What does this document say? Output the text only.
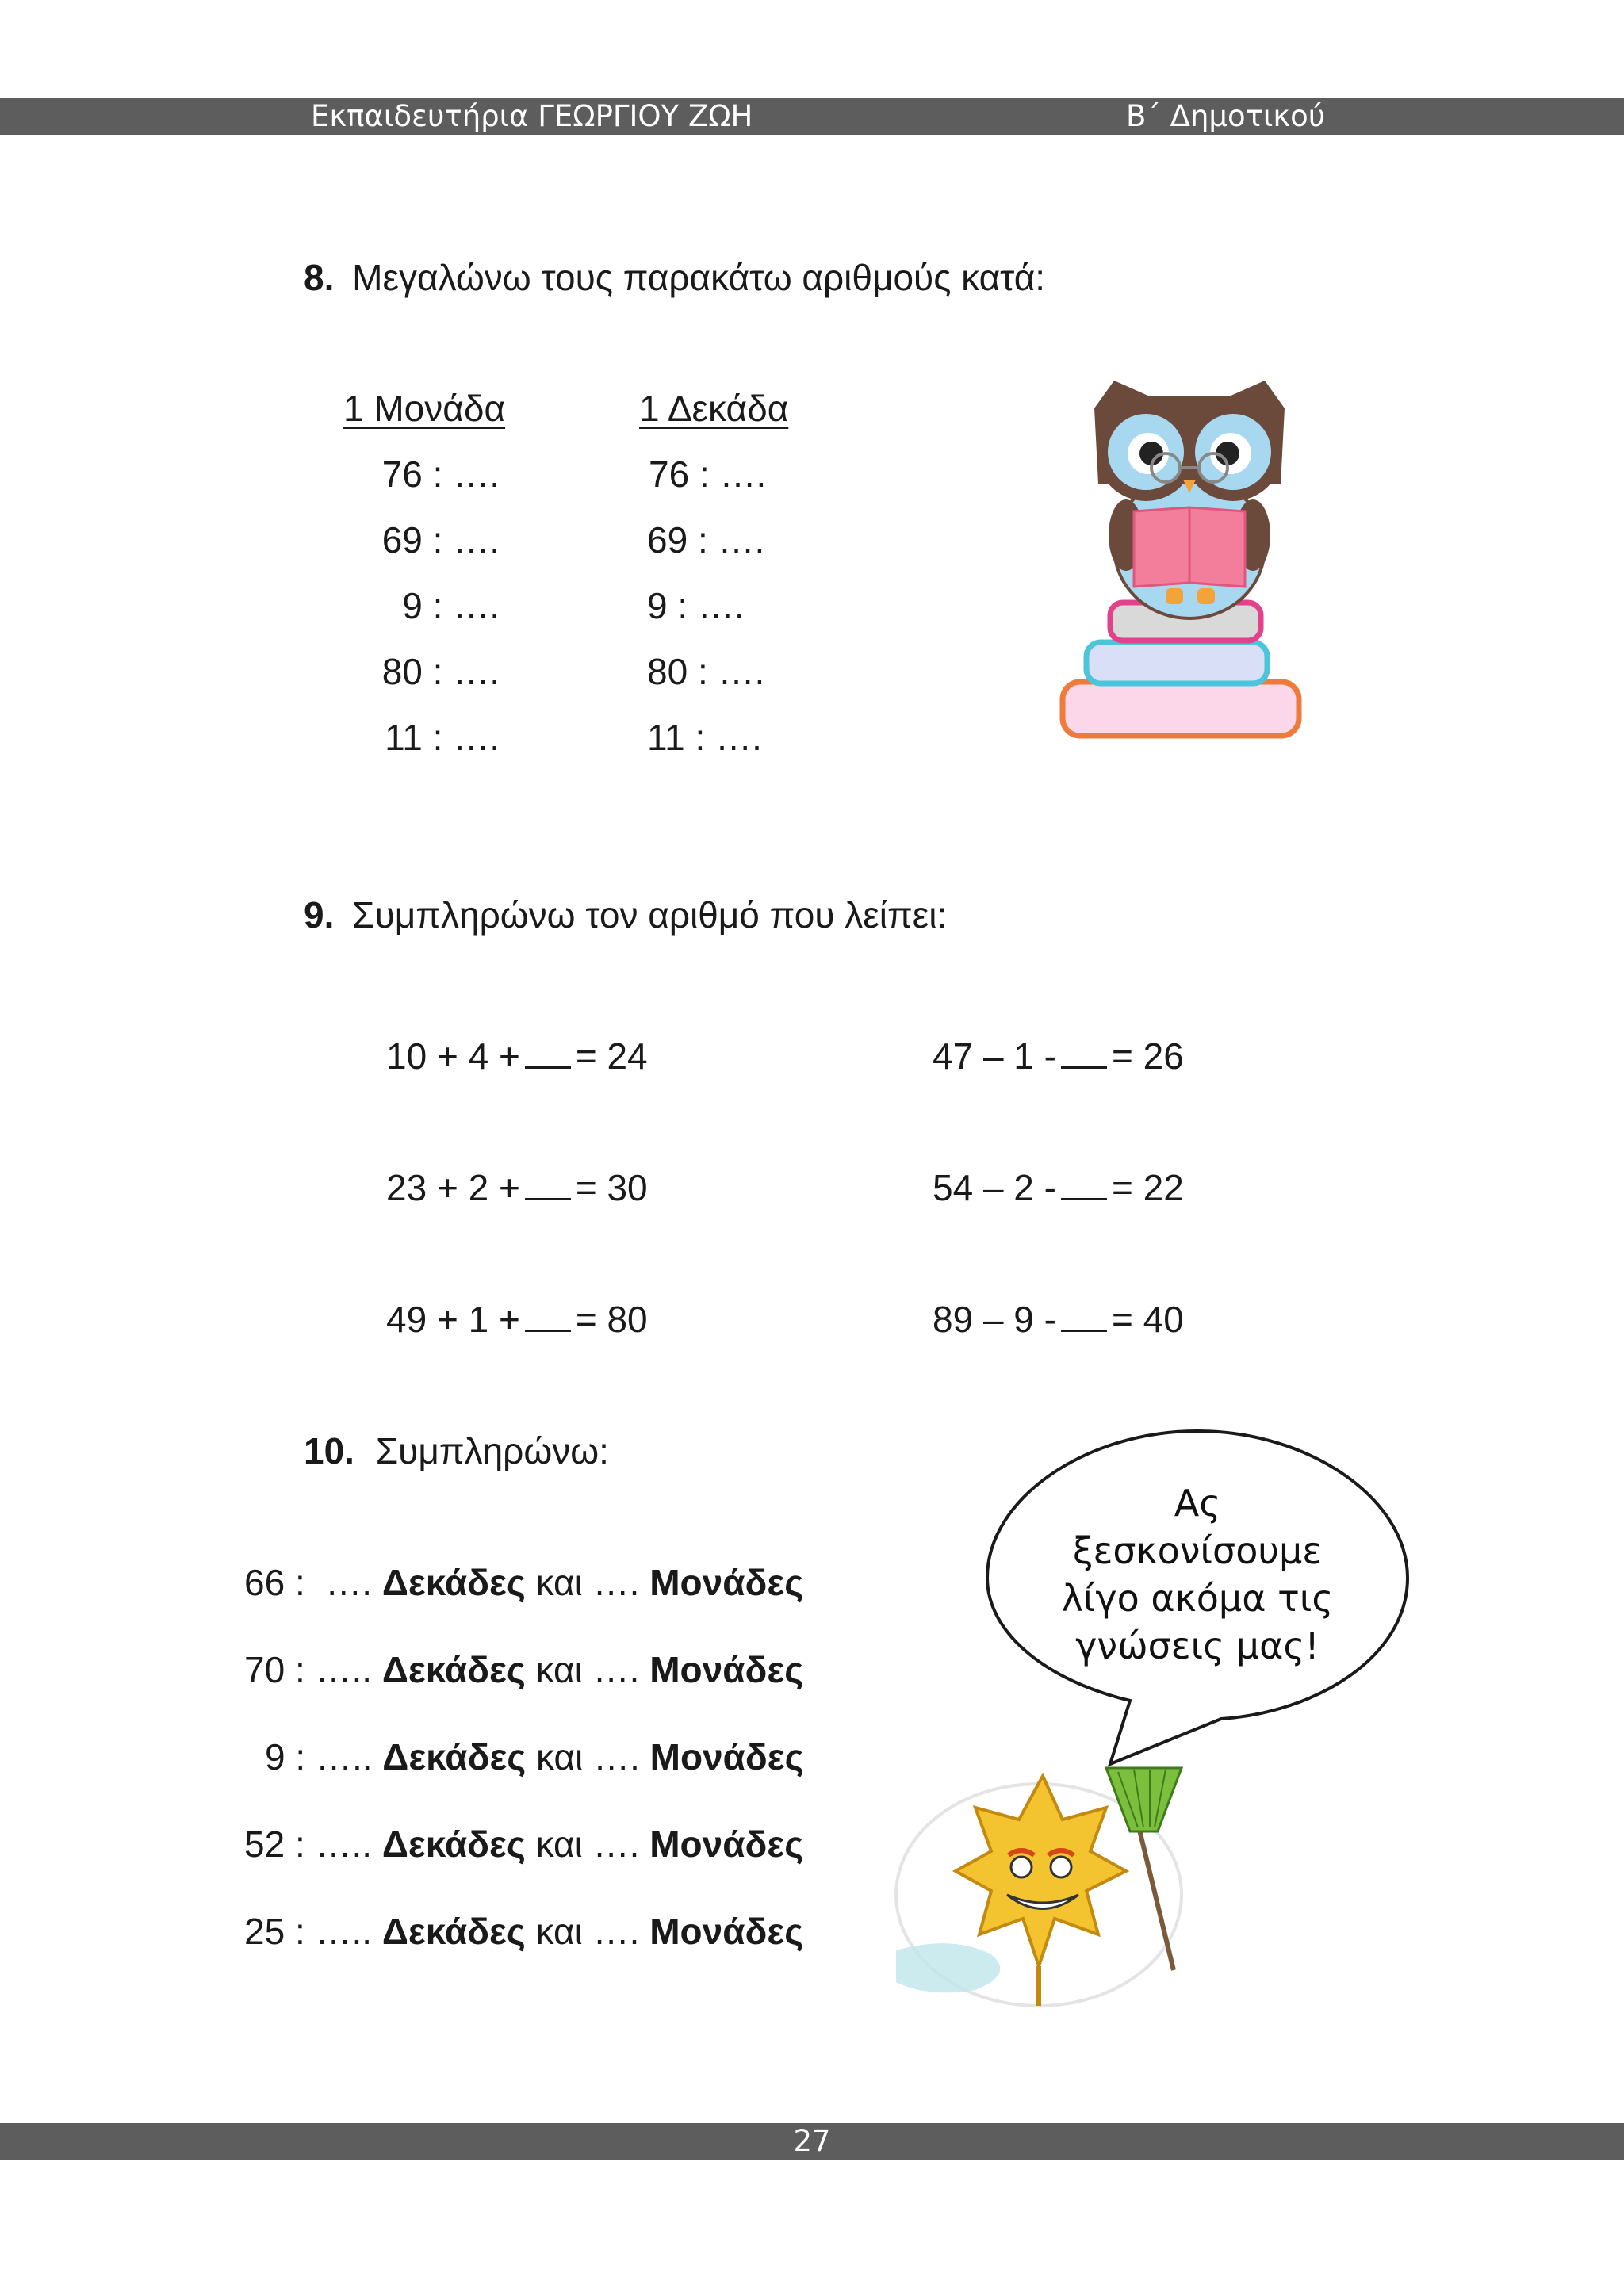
Εκπαιδευτήρια ΓΕΩΡΓΙΟΥ ΖΩΗ	Β΄ Δημοτικού
8. Μεγαλώνω τους παρακάτω αριθμούς κατά:
1 Μονάδα	1 Δεκάδα
76 : ….
69 : ….
9 : ….
80 : ….
11 : ….
76 : ….
69 : ….
9 : ….
80 : ….
11 : ….
9. Συμπληρώνω τον αριθμό που λείπει:
10 + 4 + = 24
23 + 2 + = 30
49 + 1 + = 80
47 – 1 - = 26
54 – 2 - = 22
89 – 9 - = 40
10. Συμπληρώνω:
66 : …. Δεκάδες και …. Μονάδες
70 : ….. Δεκάδες και …. Μονάδες
9 : ….. Δεκάδες και …. Μονάδες
52 : ….. Δεκάδες και …. Μονάδες
25 : ….. Δεκάδες και …. Μονάδες
Ας
ξεσκονίσουμε
λίγο ακόμα τις
γνώσεις μας!
27
